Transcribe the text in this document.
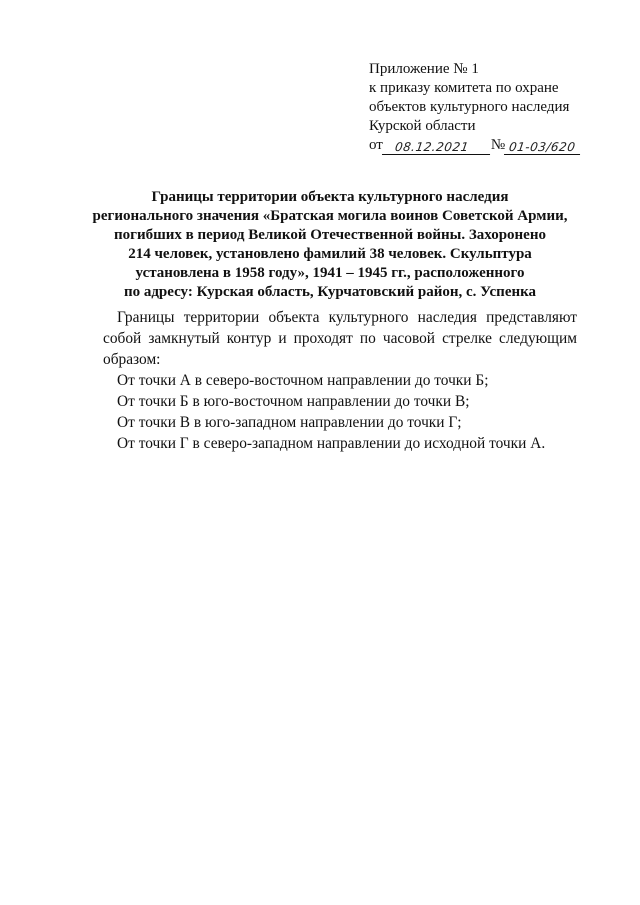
Приложение № 1
к приказу комитета по охране
объектов культурного наследия
Курской области
от 08.12.2021	№ 01-03/620
Границы территории объекта культурного наследия
регионального значения «Братская могила воинов Советской Армии,
погибших в период Великой Отечественной войны. Захоронено
214 человек, установлено фамилий 38 человек. Скульптура
установлена в 1958 году», 1941 – 1945 гг., расположенного
по адресу: Курская область, Курчатовский район, с. Успенка
Границы территории объекта культурного наследия представляют собой замкнутый контур и проходят по часовой стрелке следующим образом:
От точки А в северо-восточном направлении до точки Б;
От точки Б в юго-восточном направлении до точки В;
От точки В в юго-западном направлении до точки Г;
От точки Г в северо-западном направлении до исходной точки А.
